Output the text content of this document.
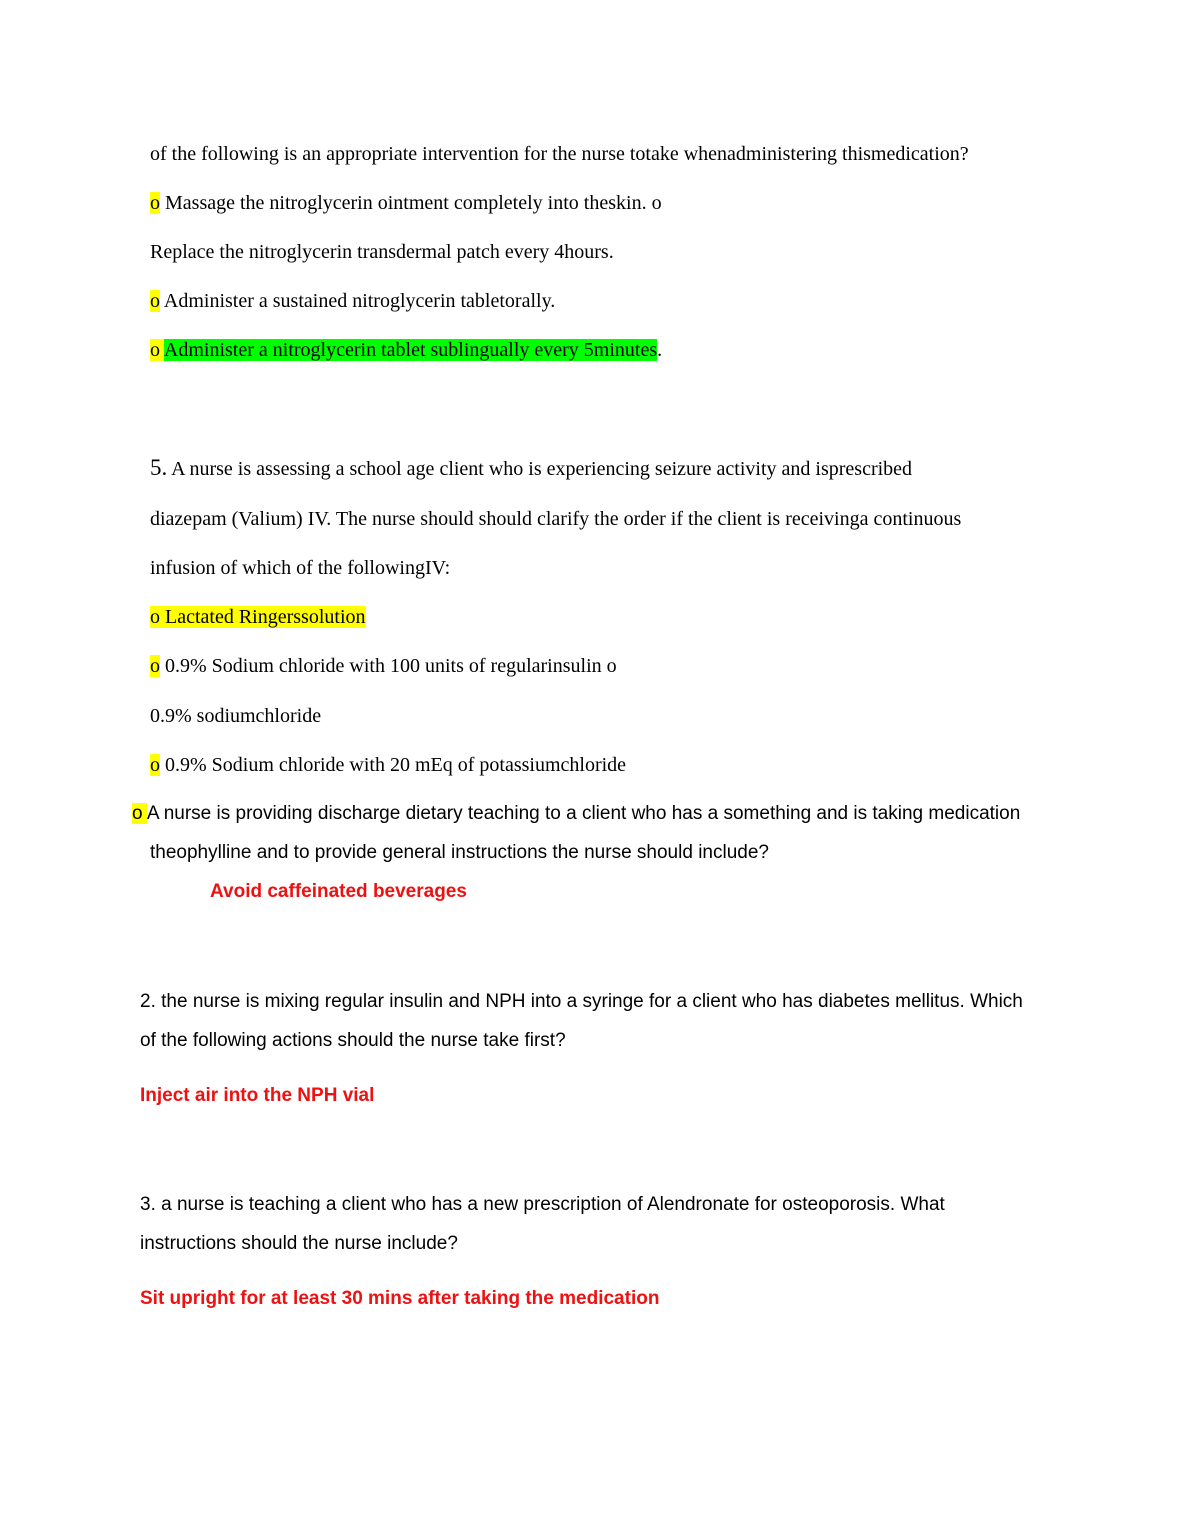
of the following is an appropriate intervention for the nurse totake whenadministering thismedication?
o Massage the nitroglycerin ointment completely into theskin. o
Replace the nitroglycerin transdermal patch every 4hours.
o Administer a sustained nitroglycerin tabletorally.
o Administer a nitroglycerin tablet sublingually every 5minutes.
5. A nurse is assessing a school age client who is experiencing seizure activity and isprescribed
diazepam (Valium) IV. The nurse should should clarify the order if the client is receivinga continuous
infusion of which of the followingIV:
o Lactated Ringerssolution
o 0.9% Sodium chloride with 100 units of regularinsulin o
0.9% sodiumchloride
o 0.9% Sodium chloride with 20 mEq of potassiumchloride
o A nurse is providing discharge dietary teaching to a client who has a something and is taking medication
theophylline and to provide general instructions the nurse should include?
Avoid caffeinated beverages
2. the nurse is mixing regular insulin and NPH into a syringe for a client who has diabetes mellitus. Which
of the following actions should the nurse take first?
Inject air into the NPH vial
3. a nurse is teaching a client who has a new prescription of Alendronate for osteoporosis. What
instructions should the nurse include?
Sit upright for at least 30 mins after taking the medication
